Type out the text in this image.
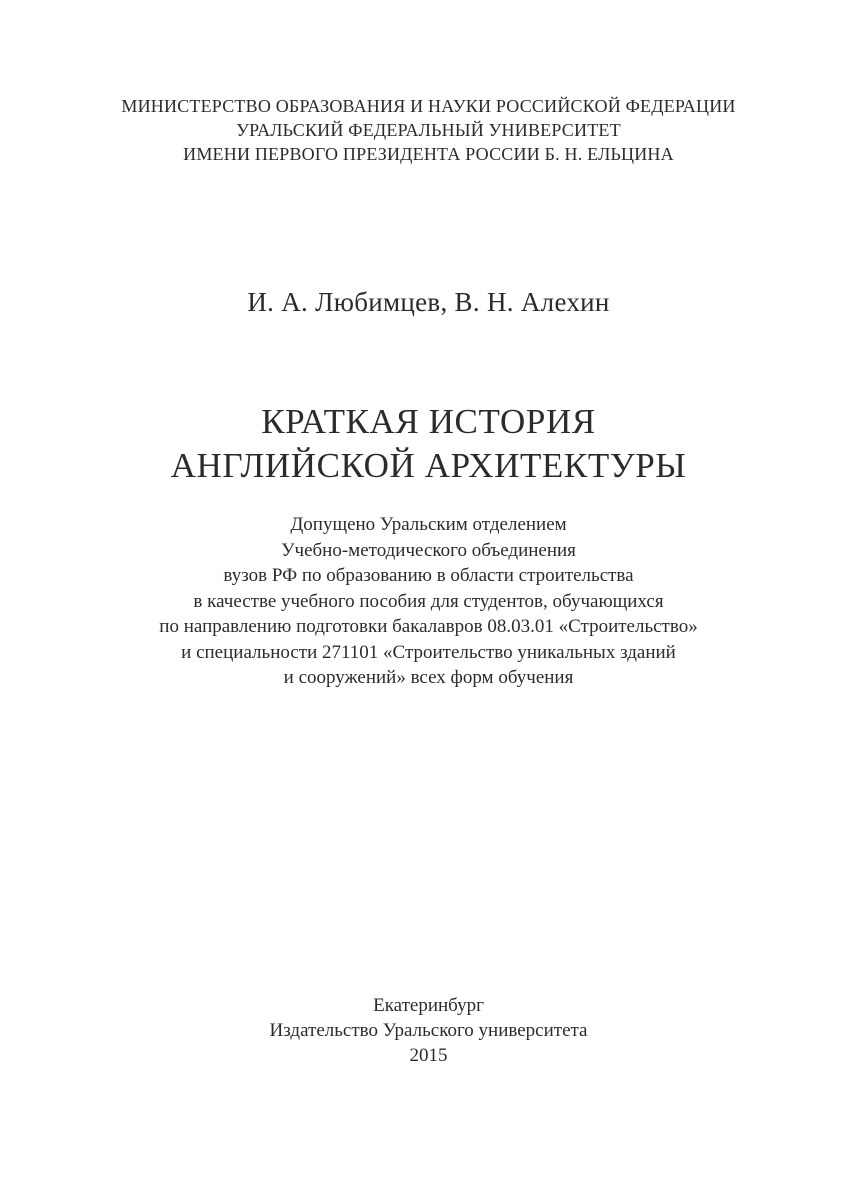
МИНИСТЕРСТВО ОБРАЗОВАНИЯ И НАУКИ РОССИЙСКОЙ ФЕДЕРАЦИИ
УРАЛЬСКИЙ ФЕДЕРАЛЬНЫЙ УНИВЕРСИТЕТ
ИМЕНИ ПЕРВОГО ПРЕЗИДЕНТА РОССИИ Б. Н. ЕЛЬЦИНА
И. А. Любимцев, В. Н. Алехин
КРАТКАЯ ИСТОРИЯ
АНГЛИЙСКОЙ АРХИТЕКТУРЫ
Допущено Уральским отделением
Учебно-методического объединения
вузов РФ по образованию в области строительства
в качестве учебного пособия для студентов, обучающихся
по направлению подготовки бакалавров 08.03.01 «Строительство»
и специальности 271101 «Строительство уникальных зданий
и сооружений» всех форм обучения
Екатеринбург
Издательство Уральского университета
2015
